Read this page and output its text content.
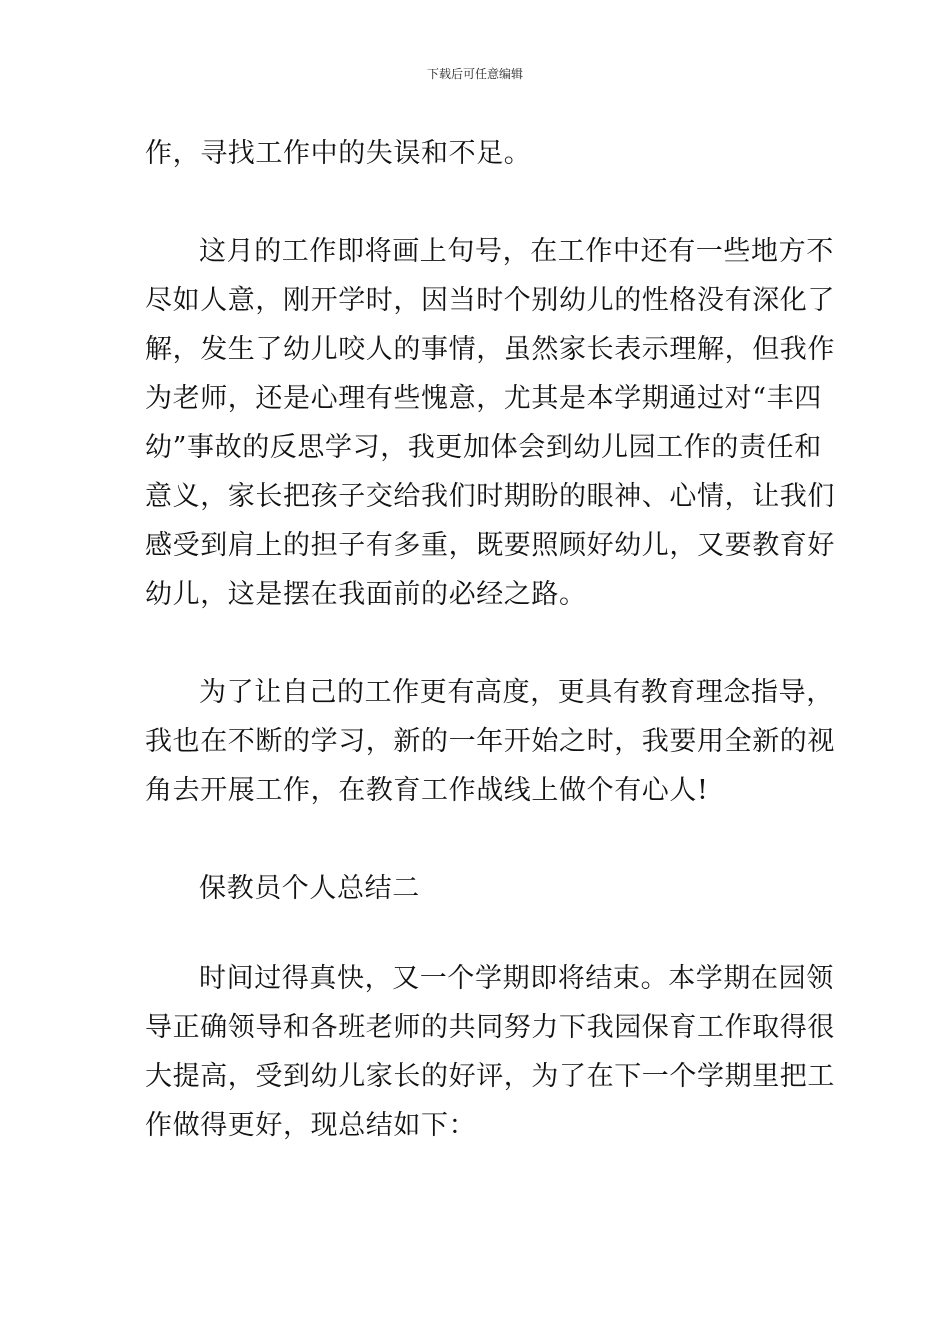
下载后可任意编辑
作，寻找工作中的失误和不足。
这月的工作即将画上句号，在工作中还有一些地方不
尽如人意，刚开学时，因当时个别幼儿的性格没有深化了
解，发生了幼儿咬人的事情，虽然家长表示理解，但我作
为老师，还是心理有些愧意，尤其是本学期通过对“丰四
幼”事故的反思学习，我更加体会到幼儿园工作的责任和
意义，家长把孩子交给我们时期盼的眼神、心情，让我们
感受到肩上的担子有多重，既要照顾好幼儿，又要教育好
幼儿，这是摆在我面前的必经之路。
为了让自己的工作更有高度，更具有教育理念指导，
我也在不断的学习，新的一年开始之时，我要用全新的视
角去开展工作，在教育工作战线上做个有心人!
保教员个人总结二
时间过得真快，又一个学期即将结束。本学期在园领
导正确领导和各班老师的共同努力下我园保育工作取得很
大提高，受到幼儿家长的好评，为了在下一个学期里把工
作做得更好，现总结如下：
